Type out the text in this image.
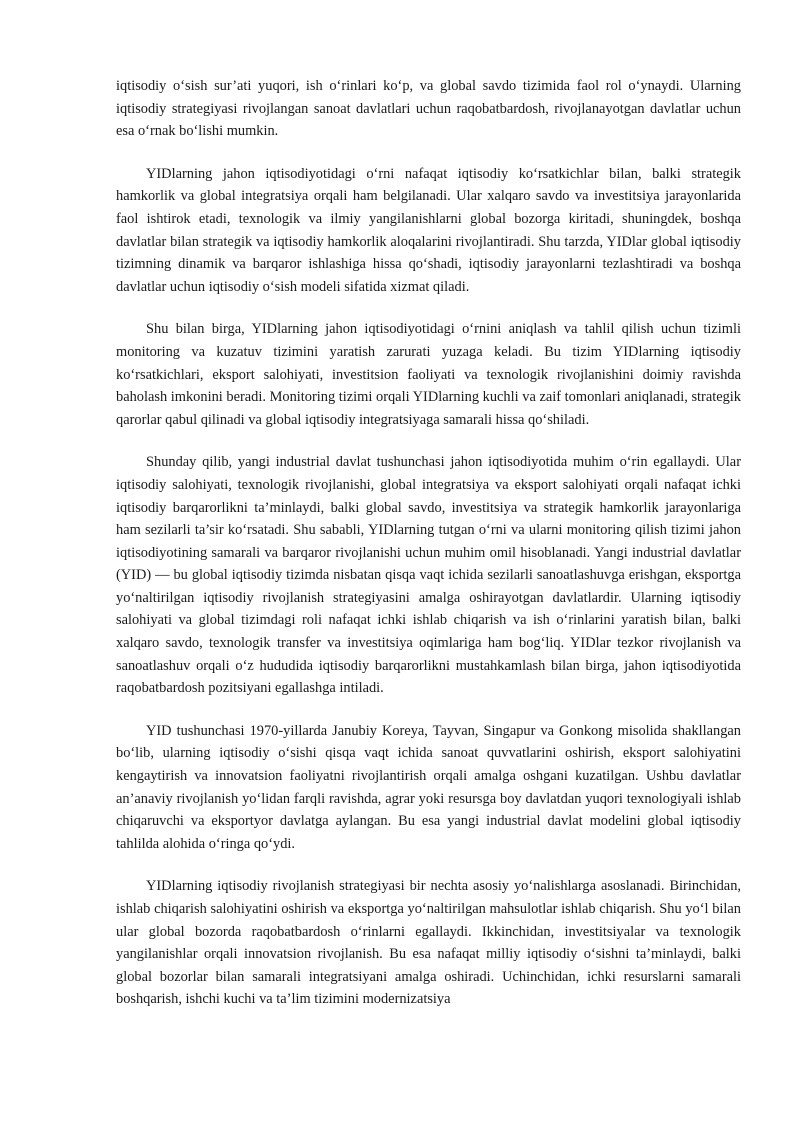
iqtisodiy o‘sish sur’ati yuqori, ish o‘rinlari ko‘p, va global savdo tizimida faol rol o‘ynaydi. Ularning iqtisodiy strategiyasi rivojlangan sanoat davlatlari uchun raqobatbardosh, rivojlanayotgan davlatlar uchun esa o‘rnak bo‘lishi mumkin.

YIDlarning jahon iqtisodiyotidagi o‘rni nafaqat iqtisodiy ko‘rsatkichlar bilan, balki strategik hamkorlik va global integratsiya orqali ham belgilanadi. Ular xalqaro savdo va investitsiya jarayonlarida faol ishtirok etadi, texnologik va ilmiy yangilanishlarni global bozorga kiritadi, shuningdek, boshqa davlatlar bilan strategik va iqtisodiy hamkorlik aloqalarini rivojlantiradi. Shu tarzda, YIDlar global iqtisodiy tizimning dinamik va barqaror ishlashiga hissa qo‘shadi, iqtisodiy jarayonlarni tezlashtiradi va boshqa davlatlar uchun iqtisodiy o‘sish modeli sifatida xizmat qiladi.

Shu bilan birga, YIDlarning jahon iqtisodiyotidagi o‘rnini aniqlash va tahlil qilish uchun tizimli monitoring va kuzatuv tizimini yaratish zarurati yuzaga keladi. Bu tizim YIDlarning iqtisodiy ko‘rsatkichlari, eksport salohiyati, investitsion faoliyati va texnologik rivojlanishini doimiy ravishda baholash imkonini beradi. Monitoring tizimi orqali YIDlarning kuchli va zaif tomonlari aniqlanadi, strategik qarorlar qabul qilinadi va global iqtisodiy integratsiyaga samarali hissa qo‘shiladi.

Shunday qilib, yangi industrial davlat tushunchasi jahon iqtisodiyotida muhim o‘rin egallaydi. Ular iqtisodiy salohiyati, texnologik rivojlanishi, global integratsiya va eksport salohiyati orqali nafaqat ichki iqtisodiy barqarorlikni ta’minlaydi, balki global savdo, investitsiya va strategik hamkorlik jarayonlariga ham sezilarli ta’sir ko‘rsatadi. Shu sababli, YIDlarning tutgan o‘rni va ularni monitoring qilish tizimi jahon iqtisodiyotining samarali va barqaror rivojlanishi uchun muhim omil hisoblanadi. Yangi industrial davlatlar (YID) — bu global iqtisodiy tizimda nisbatan qisqa vaqt ichida sezilarli sanoatlashuvga erishgan, eksportga yo‘naltirilgan iqtisodiy rivojlanish strategiyasini amalga oshirayotgan davlatlardir. Ularning iqtisodiy salohiyati va global tizimdagi roli nafaqat ichki ishlab chiqarish va ish o‘rinlarini yaratish bilan, balki xalqaro savdo, texnologik transfer va investitsiya oqimlariga ham bog‘liq. YIDlar tezkor rivojlanish va sanoatlashuv orqali o‘z hududida iqtisodiy barqarorlikni mustahkamlash bilan birga, jahon iqtisodiyotida raqobatbardosh pozitsiyani egallashga intiladi.

YID tushunchasi 1970-yillarda Janubiy Koreya, Tayvan, Singapur va Gonkong misolida shakllangan bo‘lib, ularning iqtisodiy o‘sishi qisqa vaqt ichida sanoat quvvatlarini oshirish, eksport salohiyatini kengaytirish va innovatsion faoliyatni rivojlantirish orqali amalga oshgani kuzatilgan. Ushbu davlatlar an’anaviy rivojlanish yo‘lidan farqli ravishda, agrar yoki resursga boy davlatdan yuqori texnologiyali ishlab chiqaruvchi va eksportyor davlatga aylangan. Bu esa yangi industrial davlat modelini global iqtisodiy tahlilda alohida o‘ringa qo‘ydi.

YIDlarning iqtisodiy rivojlanish strategiyasi bir nechta asosiy yo‘nalishlarga asoslanadi. Birinchidan, ishlab chiqarish salohiyatini oshirish va eksportga yo‘naltirilgan mahsulotlar ishlab chiqarish. Shu yo‘l bilan ular global bozorda raqobatbardosh o‘rinlarni egallaydi. Ikkinchidan, investitsiyalar va texnologik yangilanishlar orqali innovatsion rivojlanish. Bu esa nafaqat milliy iqtisodiy o‘sishni ta’minlaydi, balki global bozorlar bilan samarali integratsiyani amalga oshiradi. Uchinchidan, ichki resurslarni samarali boshqarish, ishchi kuchi va ta’lim tizimini modernizatsiya
